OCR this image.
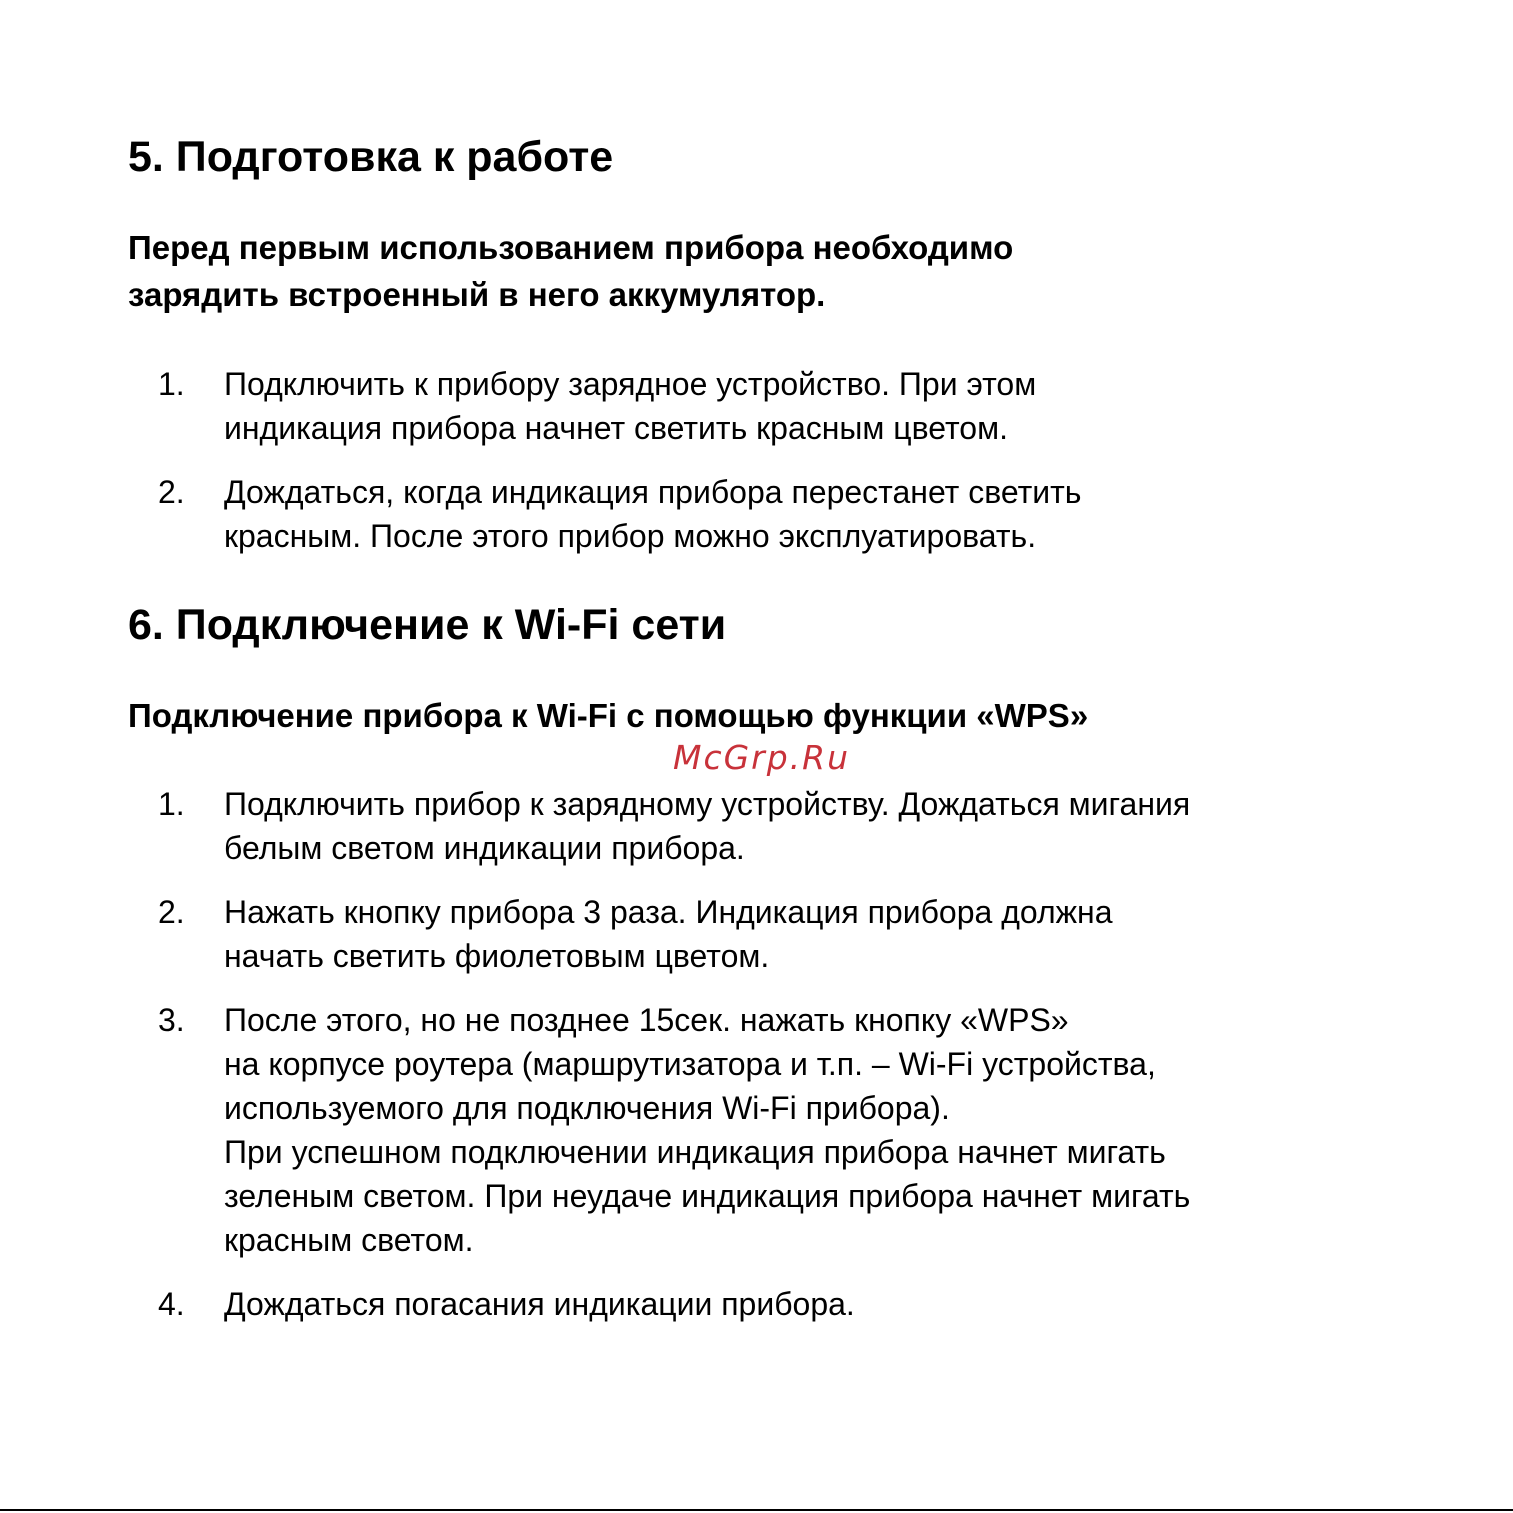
5. Подготовка к работе
Перед первым использованием прибора необходимо
зарядить встроенный в него аккумулятор.
1. Подключить к прибору зарядное устройство. При этом
индикация прибора начнет светить красным цветом.
2. Дождаться, когда индикация прибора перестанет светить
красным. После этого прибор можно эксплуатировать.
6. Подключение к Wi-Fi сети
Подключение прибора к Wi-Fi с помощью функции «WPS»
McGrp.Ru
1. Подключить прибор к зарядному устройству. Дождаться мигания
белым светом индикации прибора.
2. Нажать кнопку прибора 3 раза. Индикация прибора должна
начать светить фиолетовым цветом.
3. После этого, но не позднее 15сек. нажать кнопку «WPS»
на корпусе роутера (маршрутизатора и т.п. – Wi-Fi устройства,
используемого для подключения Wi-Fi прибора).
При успешном подключении индикация прибора начнет мигать
зеленым светом. При неудаче индикация прибора начнет мигать
красным светом.
4. Дождаться погасания индикации прибора.
